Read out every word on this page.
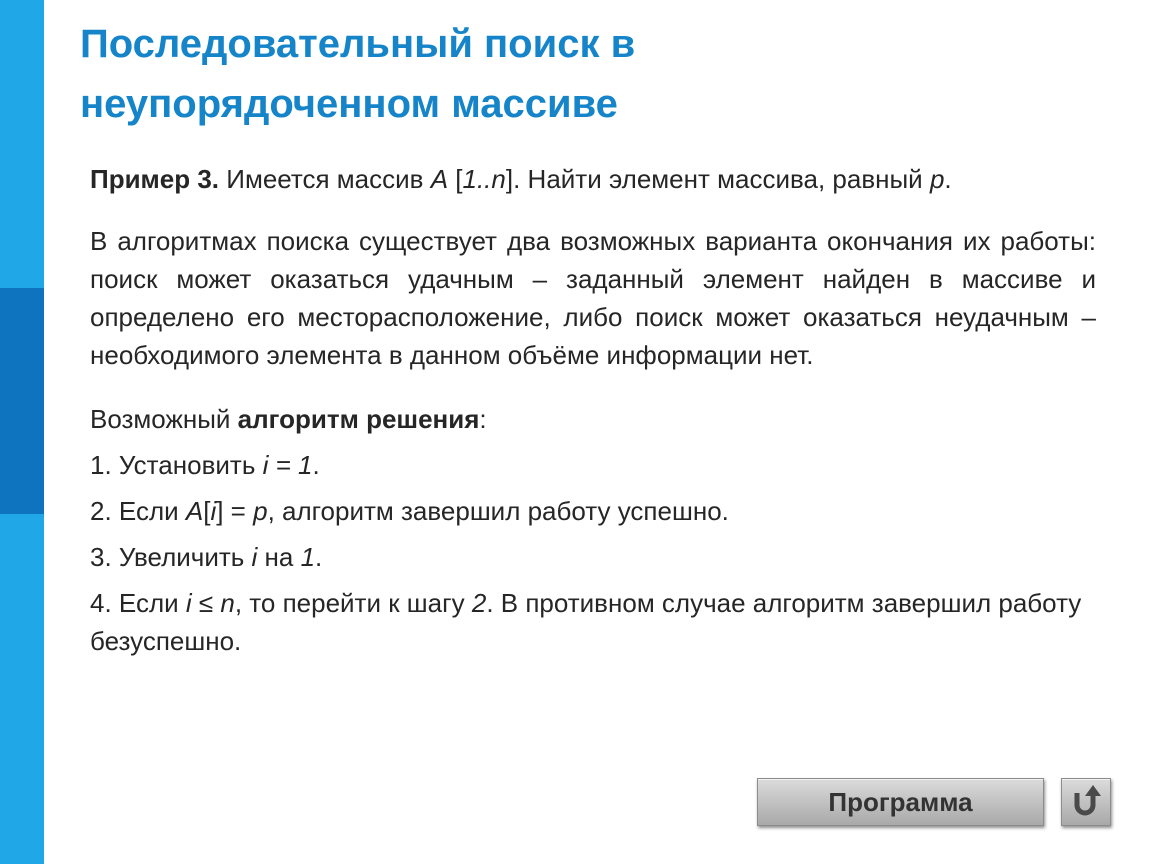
Последовательный поиск в
неупорядоченном массиве

Пример 3. Имеется массив A [1..n]. Найти элемент массива, равный p.

В алгоритмах поиска существует два возможных варианта окончания их работы: поиск может оказаться удачным – заданный элемент найден в массиве и определено его месторасположение, либо поиск может оказаться неудачным – необходимого элемента в данном объёме информации нет.

Возможный алгоритм решения:

1. Установить i = 1.

2. Если A[i] = p, алгоритм завершил работу успешно.

3. Увеличить i на 1.

4. Если i ≤ n, то перейти к шагу 2. В противном случае алгоритм завершил работу безуспешно.

Программа
